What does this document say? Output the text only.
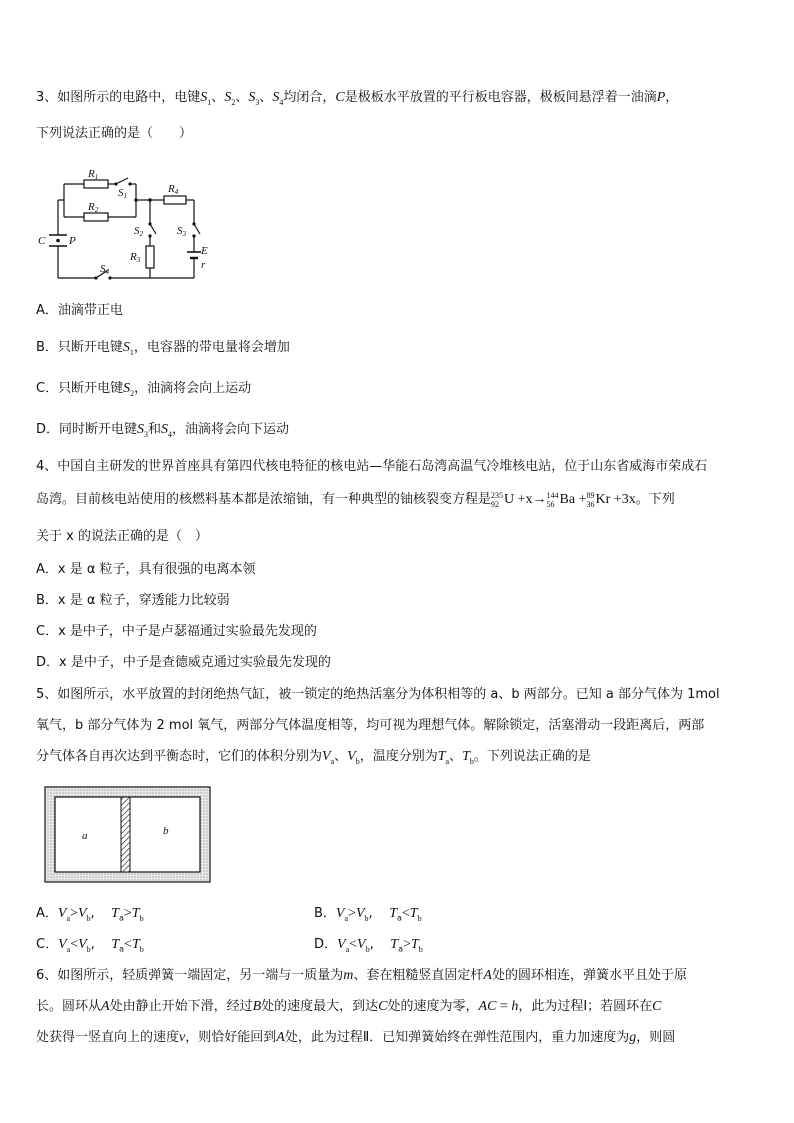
3、如图所示的电路中，电键$S_1$、$S_2$、$S_3$、$S_4$均闭合，C是极板水平放置的平行板电容器，极板间悬浮着一油滴P，
下列说法正确的是（　　）
R1
R2
S1
R4
S2	S3
R3
S4
C P
E
r
A．油滴带正电
B．只断开电键$S_1$，电容器的带电量将会增加
C．只断开电键$S_2$，油滴将会向上运动
D．同时断开电键$S_3$和$S_4$，油滴将会向下运动
4、中国自主研发的世界首座具有第四代核电特征的核电站—华能石岛湾高温气冷堆核电站，位于山东省威海市荣成石
岛湾。目前核电站使用的核燃料基本都是浓缩铀，有一种典型的铀核裂变方程是235
92 U +x→144
56 Ba +89
36Kr +3x。下列
关于 x 的说法正确的是（　）
A．x 是 α 粒子，具有很强的电离本领
B．x 是 α 粒子，穿透能力比较弱
C．x 是中子，中子是卢瑟福通过实验最先发现的
D．x 是中子，中子是查德威克通过实验最先发现的
5、如图所示，水平放置的封闭绝热气缸，被一锁定的绝热活塞分为体积相等的 a、b 两部分。已知 a 部分气体为 1mol
氧气，b 部分气体为 2 mol 氧气，两部分气体温度相等，均可视为理想气体。解除锁定，活塞滑动一段距离后，两部
分气体各自再次达到平衡态时，它们的体积分别为$V_a$、$V_b$，温度分别为$T_a$、$T_b$。下列说法正确的是
a	b
A．$V_a>V_b$,    $T_a>T_b$	B．$V_a>V_b$,    $T_a<T_b$
C．$V_a<V_b$,    $T_a<T_b$	D．$V_a<V_b$,    $T_a>T_b$
6、如图所示，轻质弹簧一端固定，另一端与一质量为m、套在粗糙竖直固定杆A处的圆环相连，弹簧水平且处于原
长。圆环从A处由静止开始下滑，经过B处的速度最大，到达C处的速度为零，AC = h，此为过程Ⅰ；若圆环在C
处获得一竖直向上的速度v，则恰好能回到A处，此为过程Ⅱ．已知弹簧始终在弹性范围内，重力加速度为g，则圆
